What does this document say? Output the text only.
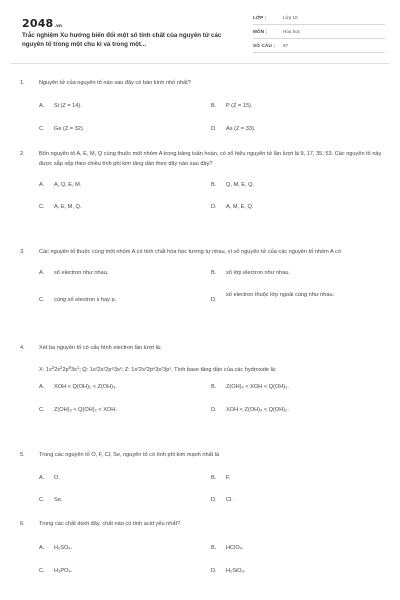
2048.vn
Trắc nghiệm Xu hướng biến đổi một số tính chất của nguyên tử các nguyên tố trong một chu kì và trong một...
LỚP :	Lớp 10
MÔN :	Hóa học
SỐ CÂU : 87
1.	Nguyên tử của nguyên tố nào sau đây có bán kính nhỏ nhất?
A. Si (Z = 14).	B. P (Z = 15).
C. Ge (Z = 32).	D. As (Z = 33).
2.	Bốn nguyên tố A, E, M, Q cùng thuộc một nhóm A trong bảng tuần hoàn, có số hiệu nguyên tử lần lượt là 9, 17, 35, 53. Các nguyên tố này được sắp xếp theo chiều tính phi kim tăng dần theo dãy nào sau đây?
A. A, Q, E, M.	B. Q, M, E, Q.
C. A, E, M, Q.	D. A, M, E, Q.
3.	Các nguyên tố thuộc cùng một nhóm A có tính chất hóa học tương tự nhau, vì vỏ nguyên tử của các nguyên tố nhóm A có
A. số electron như nhau.	B. số lớp electron như nhau.
C. cùng số electron s hay p.	D.số electron thuộc lớp ngoài cùng như nhau.
4.	Xét ba nguyên tố có cấu hình electron lần lượt là:
X: $1s^22s^22p^63s^1$; Q: 1s²2s²2p⁶3s²; Z: 1s²2s²2p⁶3s²3p¹. Tính base tăng dần của các hydroxide là:
A. XOH < Q(OH)₂ < Z(OH)₃.	B. Z(OH)₃ < XOH < Q(OH)₂.
C. Z(OH)₃ < Q(OH)₂ < XOH.	D. XOH < Z(OH)₃ < Q(OH)₂.
5.	Trong các nguyên tố O, F, Cl, Se, nguyên tố có tính phi kim mạnh nhất là
A. O.	B. F.
C. Se.	D. Cl.
6.	Trong các chất dưới đây, chất nào có tính acid yếu nhất?
A. H₂SO₄.	B. HClO₄.
C. H₃PO₄.	D. H₂SiO₃.
